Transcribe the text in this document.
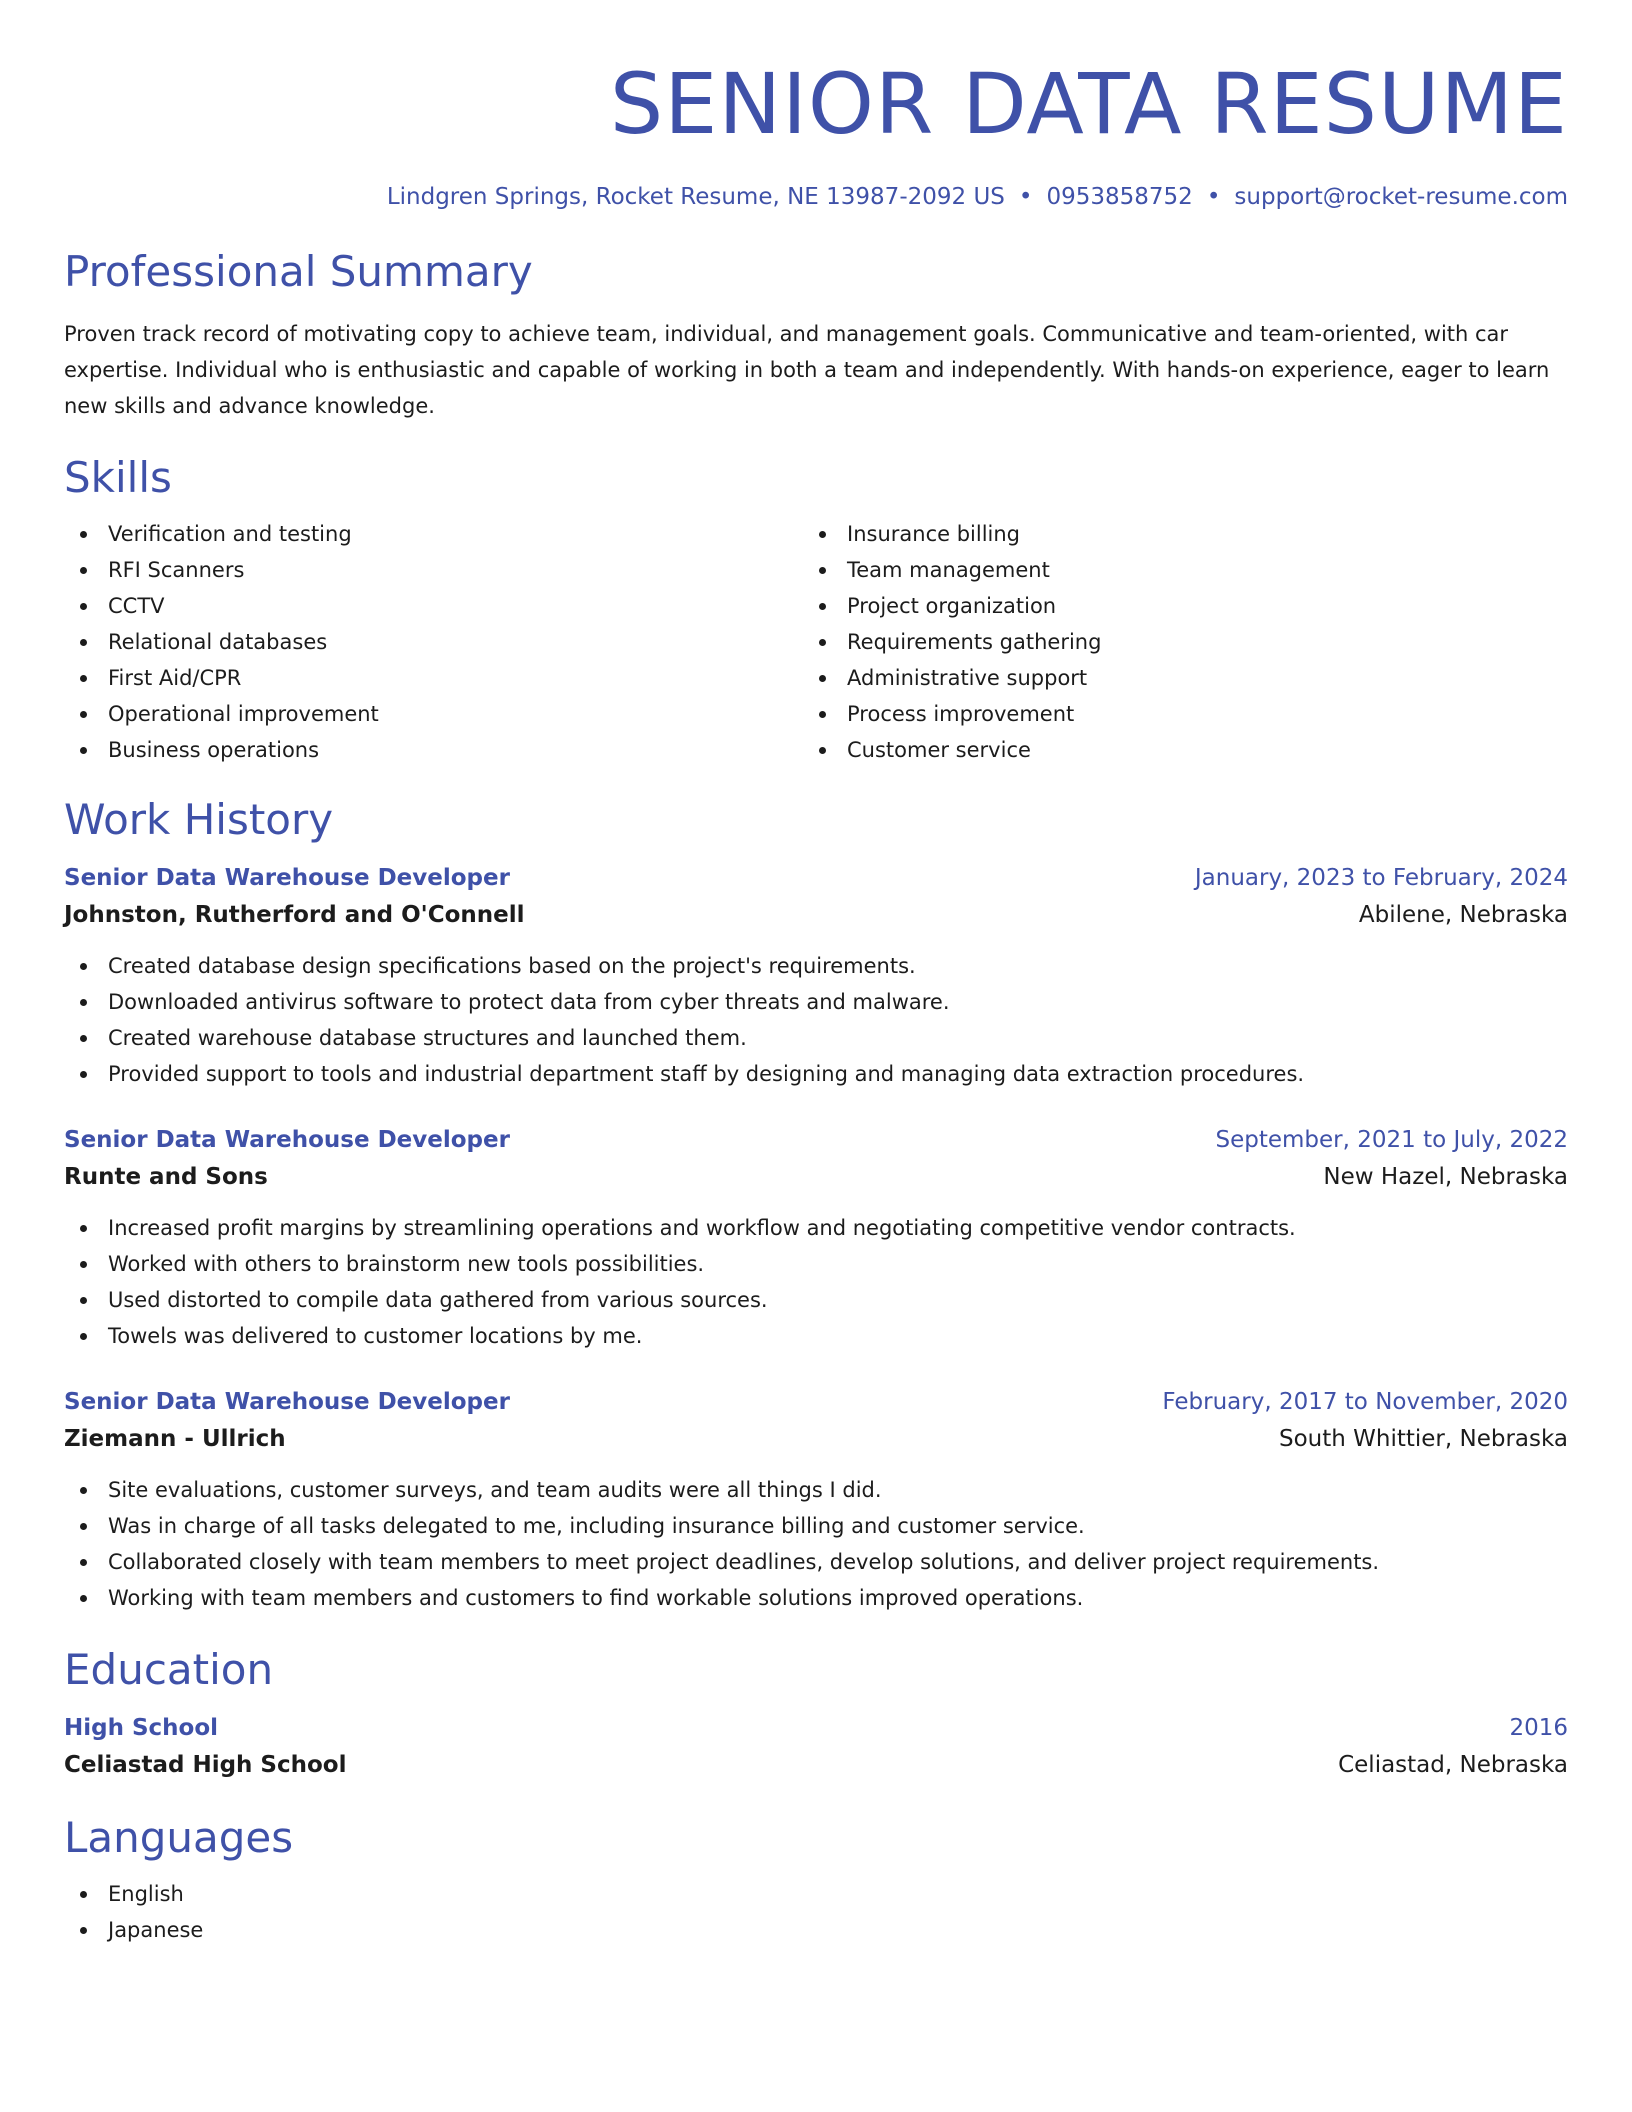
SENIOR DATA RESUME
Lindgren Springs, Rocket Resume, NE 13987-2092 US • 0953858752 • support@rocket-resume.com
Professional Summary

Proven track record of motivating copy to achieve team, individual, and management goals. Communicative and team-oriented, with car expertise. Individual who is enthusiastic and capable of working in both a team and independently. With hands-on experience, eager to learn new skills and advance knowledge.

Skills
Verification and testing
RFI Scanners
CCTV
Relational databases
First Aid/CPR
Operational improvement
Business operations
Insurance billing
Team management
Project organization
Requirements gathering
Administrative support
Process improvement
Customer service
Work History
Senior Data Warehouse Developer	January, 2023 to February, 2024
Johnston, Rutherford and O'Connell	Abilene, Nebraska
Created database design specifications based on the project's requirements.
Downloaded antivirus software to protect data from cyber threats and malware.
Created warehouse database structures and launched them.
Provided support to tools and industrial department staff by designing and managing data extraction procedures.
Senior Data Warehouse Developer	September, 2021 to July, 2022
Runte and Sons	New Hazel, Nebraska
Increased profit margins by streamlining operations and workflow and negotiating competitive vendor contracts.
Worked with others to brainstorm new tools possibilities.
Used distorted to compile data gathered from various sources.
Towels was delivered to customer locations by me.
Senior Data Warehouse Developer	February, 2017 to November, 2020
Ziemann - Ullrich	South Whittier, Nebraska
Site evaluations, customer surveys, and team audits were all things I did.
Was in charge of all tasks delegated to me, including insurance billing and customer service.
Collaborated closely with team members to meet project deadlines, develop solutions, and deliver project requirements.
Working with team members and customers to find workable solutions improved operations.
Education
High School	2016
Celiastad High School	Celiastad, Nebraska
Languages
English
Japanese
